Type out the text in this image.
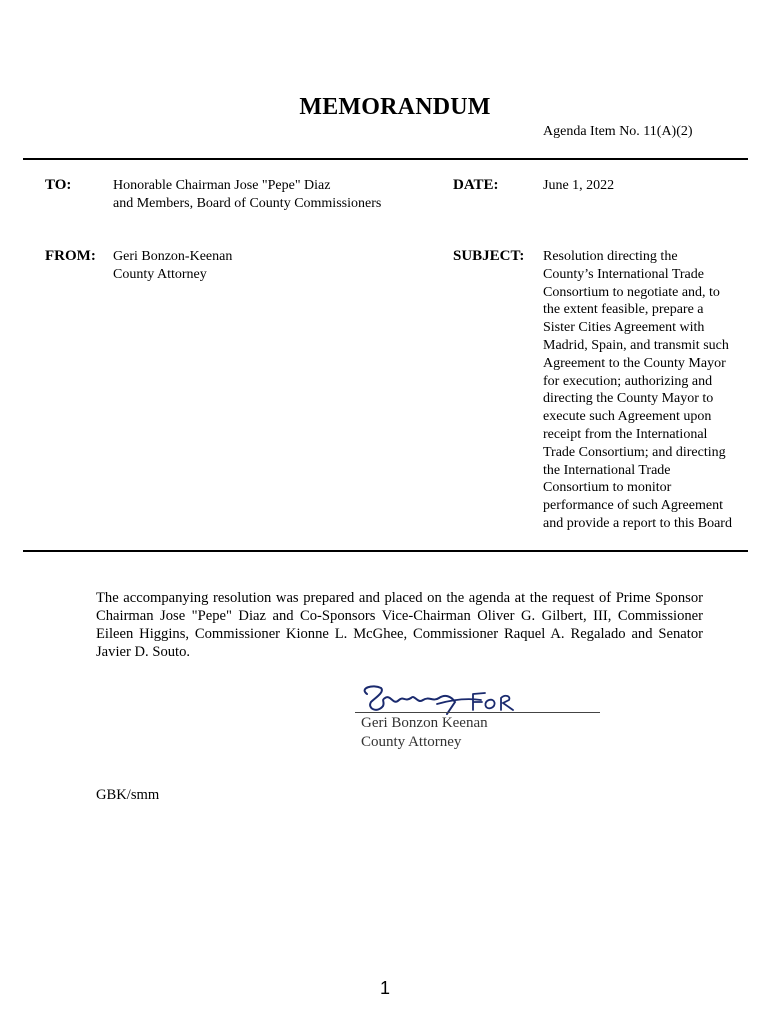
MEMORANDUM
Agenda Item No. 11(A)(2)
TO:	Honorable Chairman Jose "Pepe" Diaz
and Members, Board of County Commissioners
DATE:	June 1, 2022
FROM: Geri Bonzon-Keenan
County Attorney
SUBJECT: Resolution directing the
County’s International Trade
Consortium to negotiate and, to
the extent feasible, prepare a
Sister Cities Agreement with
Madrid, Spain, and transmit such
Agreement to the County Mayor
for execution; authorizing and
directing the County Mayor to
execute such Agreement upon
receipt from the International
Trade Consortium; and directing
the International Trade
Consortium to monitor
performance of such Agreement
and provide a report to this Board

The accompanying resolution was prepared and placed on the agenda at the request of Prime Sponsor Chairman Jose "Pepe" Diaz and Co-Sponsors Vice-Chairman Oliver G. Gilbert, III, Commissioner Eileen Higgins, Commissioner Kionne L. McGhee, Commissioner Raquel A. Regalado and Senator Javier D. Souto.

Geri Bonzon Keenan
County Attorney
GBK/smm
1
